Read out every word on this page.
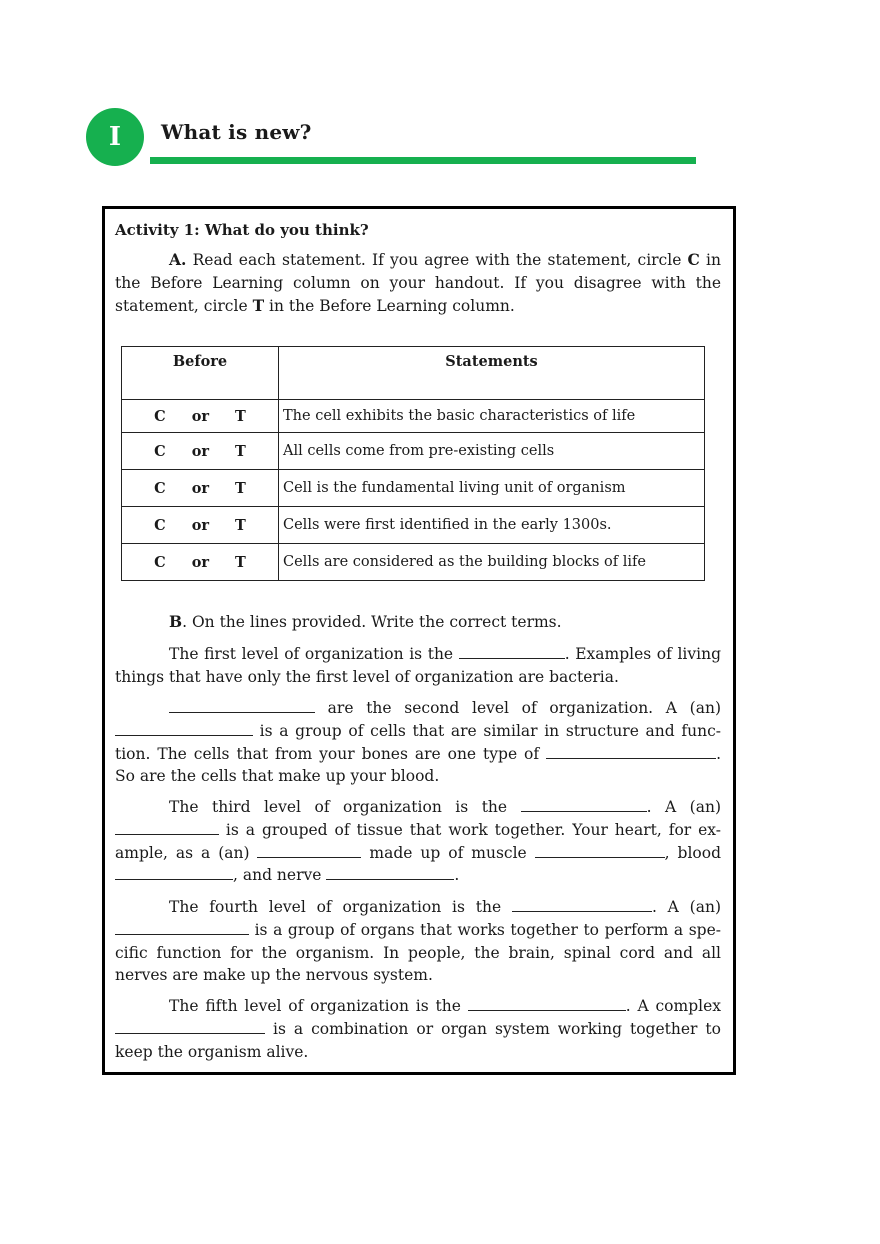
I	What is new?
Activity 1: What do you think?

A. Read each statement. If you agree with the statement, circle C in the Before Learning column on your handout. If you disagree with the statement, circle T in the Before Learning column.

Before	Statements
C or T	The cell exhibits the basic characteristics of life
C or T	All cells come from pre-existing cells
C or T	Cell is the fundamental living unit of organism
C or T	Cells were first identified in the early 1300s.
C or T	Cells are considered as the building blocks of life

B. On the lines provided. Write the correct terms.

The first level of organization is the	. Examples of living things that have only the first level of organization are bacteria.

are the second level of organization. A (an)  is a group of cells that are similar in structure and func-tion. The cells that from your bones are one type of	. So are the cells that make up your blood.

The third level of organization is the	. A (an)  is a grouped of tissue that work together. Your heart, for ex-ample, as a (an)	made up of muscle	, blood , and nerve	.

The fourth level of organization is the	. A (an)  is a group of organs that works together to perform a spe-cific function for the organism. In people, the brain, spinal cord and all nerves are make up the nervous system.

The fifth level of organization is the	. A complex  is a combination or organ system working together to keep the organism alive.
